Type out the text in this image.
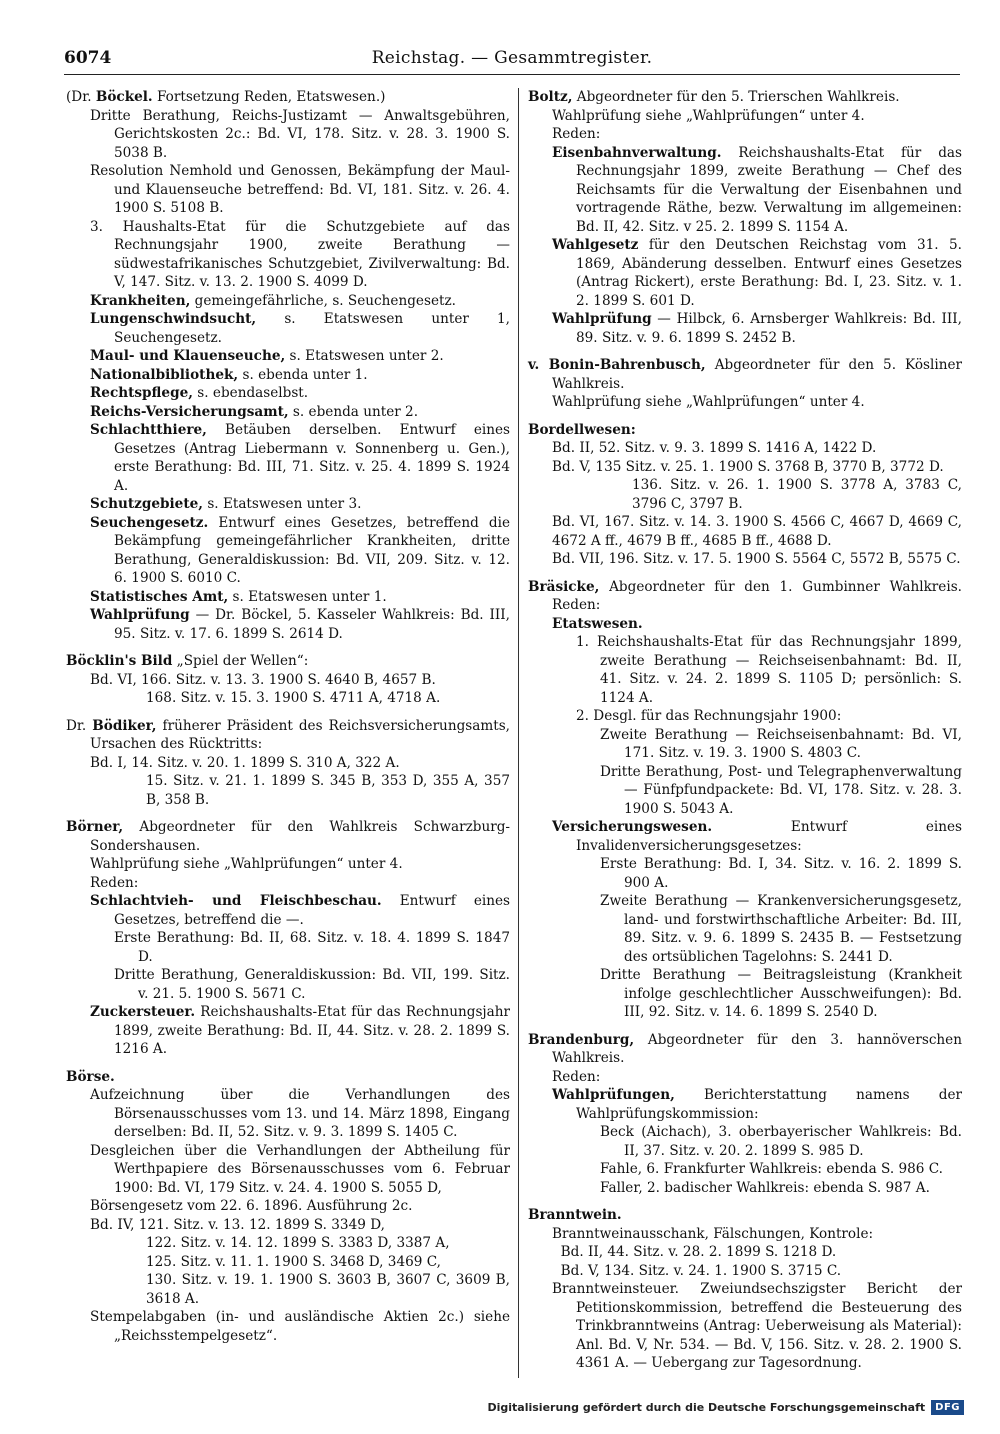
6074	Reichstag. — Gesammtregister.

(Dr. Böckel. Fortsetzung Reden, Etatswesen.)

Dritte Berathung, Reichs-Justizamt — Anwaltsgebühren, Gerichtskosten 2c.: Bd. VI, 178. Sitz. v. 28. 3. 1900 S. 5038 B.

Resolution Nemhold und Genossen, Bekämpfung der Maul- und Klauenseuche betreffend: Bd. VI, 181. Sitz. v. 26. 4. 1900 S. 5108 B.

3. Haushalts-Etat für die Schutzgebiete auf das Rechnungsjahr 1900, zweite Berathung — südwestafrikanisches Schutzgebiet, Zivilverwaltung: Bd. V, 147. Sitz. v. 13. 2. 1900 S. 4099 D.

Krankheiten, gemeingefährliche, s. Seuchengesetz.

Lungenschwindsucht, s. Etatswesen unter 1, Seuchengesetz.

Maul- und Klauenseuche, s. Etatswesen unter 2.

Nationalbibliothek, s. ebenda unter 1.

Rechtspflege, s. ebendaselbst.

Reichs-Versicherungsamt, s. ebenda unter 2.

Schlachtthiere, Betäuben derselben. Entwurf eines Gesetzes (Antrag Liebermann v. Sonnenberg u. Gen.), erste Berathung: Bd. III, 71. Sitz. v. 25. 4. 1899 S. 1924 A.

Schutzgebiete, s. Etatswesen unter 3.

Seuchengesetz. Entwurf eines Gesetzes, betreffend die Bekämpfung gemeingefährlicher Krankheiten, dritte Berathung, Generaldiskussion: Bd. VII, 209. Sitz. v. 12. 6. 1900 S. 6010 C.

Statistisches Amt, s. Etatswesen unter 1.

Wahlprüfung — Dr. Böckel, 5. Kasseler Wahlkreis: Bd. III, 95. Sitz. v. 17. 6. 1899 S. 2614 D.

Böcklin's Bild „Spiel der Wellen“:

Bd. VI, 166. Sitz. v. 13. 3. 1900 S. 4640 B, 4657 B.

168. Sitz. v. 15. 3. 1900 S. 4711 A, 4718 A.

Dr. Bödiker, früherer Präsident des Reichsversicherungsamts, Ursachen des Rücktritts:

Bd. I, 14. Sitz. v. 20. 1. 1899 S. 310 A, 322 A.

15. Sitz. v. 21. 1. 1899 S. 345 B, 353 D, 355 A, 357 B, 358 B.

Börner, Abgeordneter für den Wahlkreis Schwarzburg-Sondershausen.

Wahlprüfung siehe „Wahlprüfungen“ unter 4.

Reden:

Schlachtvieh- und Fleischbeschau. Entwurf eines Gesetzes, betreffend die —.

Erste Berathung: Bd. II, 68. Sitz. v. 18. 4. 1899 S. 1847 D.

Dritte Berathung, Generaldiskussion: Bd. VII, 199. Sitz. v. 21. 5. 1900 S. 5671 C.

Zuckersteuer. Reichshaushalts-Etat für das Rechnungsjahr 1899, zweite Berathung: Bd. II, 44. Sitz. v. 28. 2. 1899 S. 1216 A.

Börse.

Aufzeichnung über die Verhandlungen des Börsenausschusses vom 13. und 14. März 1898, Eingang derselben: Bd. II, 52. Sitz. v. 9. 3. 1899 S. 1405 C.

Desgleichen über die Verhandlungen der Abtheilung für Werthpapiere des Börsenausschusses vom 6. Februar 1900: Bd. VI, 179 Sitz. v. 24. 4. 1900 S. 5055 D,

Börsengesetz vom 22. 6. 1896. Ausführung 2c.

Bd. IV, 121. Sitz. v. 13. 12. 1899 S. 3349 D,

122. Sitz. v. 14. 12. 1899 S. 3383 D, 3387 A,

125. Sitz. v. 11. 1. 1900 S. 3468 D, 3469 C,

130. Sitz. v. 19. 1. 1900 S. 3603 B, 3607 C, 3609 B, 3618 A.

Stempelabgaben (in- und ausländische Aktien 2c.) siehe „Reichsstempelgesetz“.

Boltz, Abgeordneter für den 5. Trierschen Wahlkreis.

Wahlprüfung siehe „Wahlprüfungen“ unter 4.

Reden:

Eisenbahnverwaltung. Reichshaushalts-Etat für das Rechnungsjahr 1899, zweite Berathung — Chef des Reichsamts für die Verwaltung der Eisenbahnen und vortragende Räthe, bezw. Verwaltung im allgemeinen: Bd. II, 42. Sitz. v 25. 2. 1899 S. 1154 A.

Wahlgesetz für den Deutschen Reichstag vom 31. 5. 1869, Abänderung desselben. Entwurf eines Gesetzes (Antrag Rickert), erste Berathung: Bd. I, 23. Sitz. v. 1. 2. 1899 S. 601 D.

Wahlprüfung — Hilbck, 6. Arnsberger Wahlkreis: Bd. III, 89. Sitz. v. 9. 6. 1899 S. 2452 B.

v. Bonin-Bahrenbusch, Abgeordneter für den 5. Kösliner Wahlkreis.

Wahlprüfung siehe „Wahlprüfungen“ unter 4.

Bordellwesen:

Bd. II, 52. Sitz. v. 9. 3. 1899 S. 1416 A, 1422 D.

Bd. V, 135 Sitz. v. 25. 1. 1900 S. 3768 B, 3770 B, 3772 D.

136. Sitz. v. 26. 1. 1900 S. 3778 A, 3783 C, 3796 C, 3797 B.

Bd. VI, 167. Sitz. v. 14. 3. 1900 S. 4566 C, 4667 D, 4669 C, 4672 A ff., 4679 B ff., 4685 B ff., 4688 D.

Bd. VII, 196. Sitz. v. 17. 5. 1900 S. 5564 C, 5572 B, 5575 C.

Bräsicke, Abgeordneter für den 1. Gumbinner Wahlkreis. Reden:

Etatswesen.

1. Reichshaushalts-Etat für das Rechnungsjahr 1899, zweite Berathung — Reichseisenbahnamt: Bd. II, 41. Sitz. v. 24. 2. 1899 S. 1105 D; persönlich: S. 1124 A.

2. Desgl. für das Rechnungsjahr 1900:

Zweite Berathung — Reichseisenbahnamt: Bd. VI, 171. Sitz. v. 19. 3. 1900 S. 4803 C.

Dritte Berathung, Post- und Telegraphenverwaltung — Fünfpfundpackete: Bd. VI, 178. Sitz. v. 28. 3. 1900 S. 5043 A.

Versicherungswesen. Entwurf eines Invalidenversicherungsgesetzes:

Erste Berathung: Bd. I, 34. Sitz. v. 16. 2. 1899 S. 900 A.

Zweite Berathung — Krankenversicherungsgesetz, land- und forstwirthschaftliche Arbeiter: Bd. III, 89. Sitz. v. 9. 6. 1899 S. 2435 B. — Festsetzung des ortsüblichen Tagelohns: S. 2441 D.

Dritte Berathung — Beitragsleistung (Krankheit infolge geschlechtlicher Ausschweifungen): Bd. III, 92. Sitz. v. 14. 6. 1899 S. 2540 D.

Brandenburg, Abgeordneter für den 3. hannöverschen Wahlkreis.

Reden:

Wahlprüfungen, Berichterstattung namens der Wahlprüfungskommission:

Beck (Aichach), 3. oberbayerischer Wahlkreis: Bd. II, 37. Sitz. v. 20. 2. 1899 S. 985 D.

Fahle, 6. Frankfurter Wahlkreis: ebenda S. 986 C.

Faller, 2. badischer Wahlkreis: ebenda S. 987 A.

Branntwein.

Branntweinausschank, Fälschungen, Kontrole:

Bd. II, 44. Sitz. v. 28. 2. 1899 S. 1218 D.

Bd. V, 134. Sitz. v. 24. 1. 1900 S. 3715 C.

Branntweinsteuer. Zweiundsechszigster Bericht der Petitionskommission, betreffend die Besteuerung des Trinkbranntweins (Antrag: Ueberweisung als Material): Anl. Bd. V, Nr. 534. — Bd. V, 156. Sitz. v. 28. 2. 1900 S. 4361 A. — Uebergang zur Tagesordnung.

Digitalisierung gefördert durch die Deutsche Forschungsgemeinschaft	DFG
